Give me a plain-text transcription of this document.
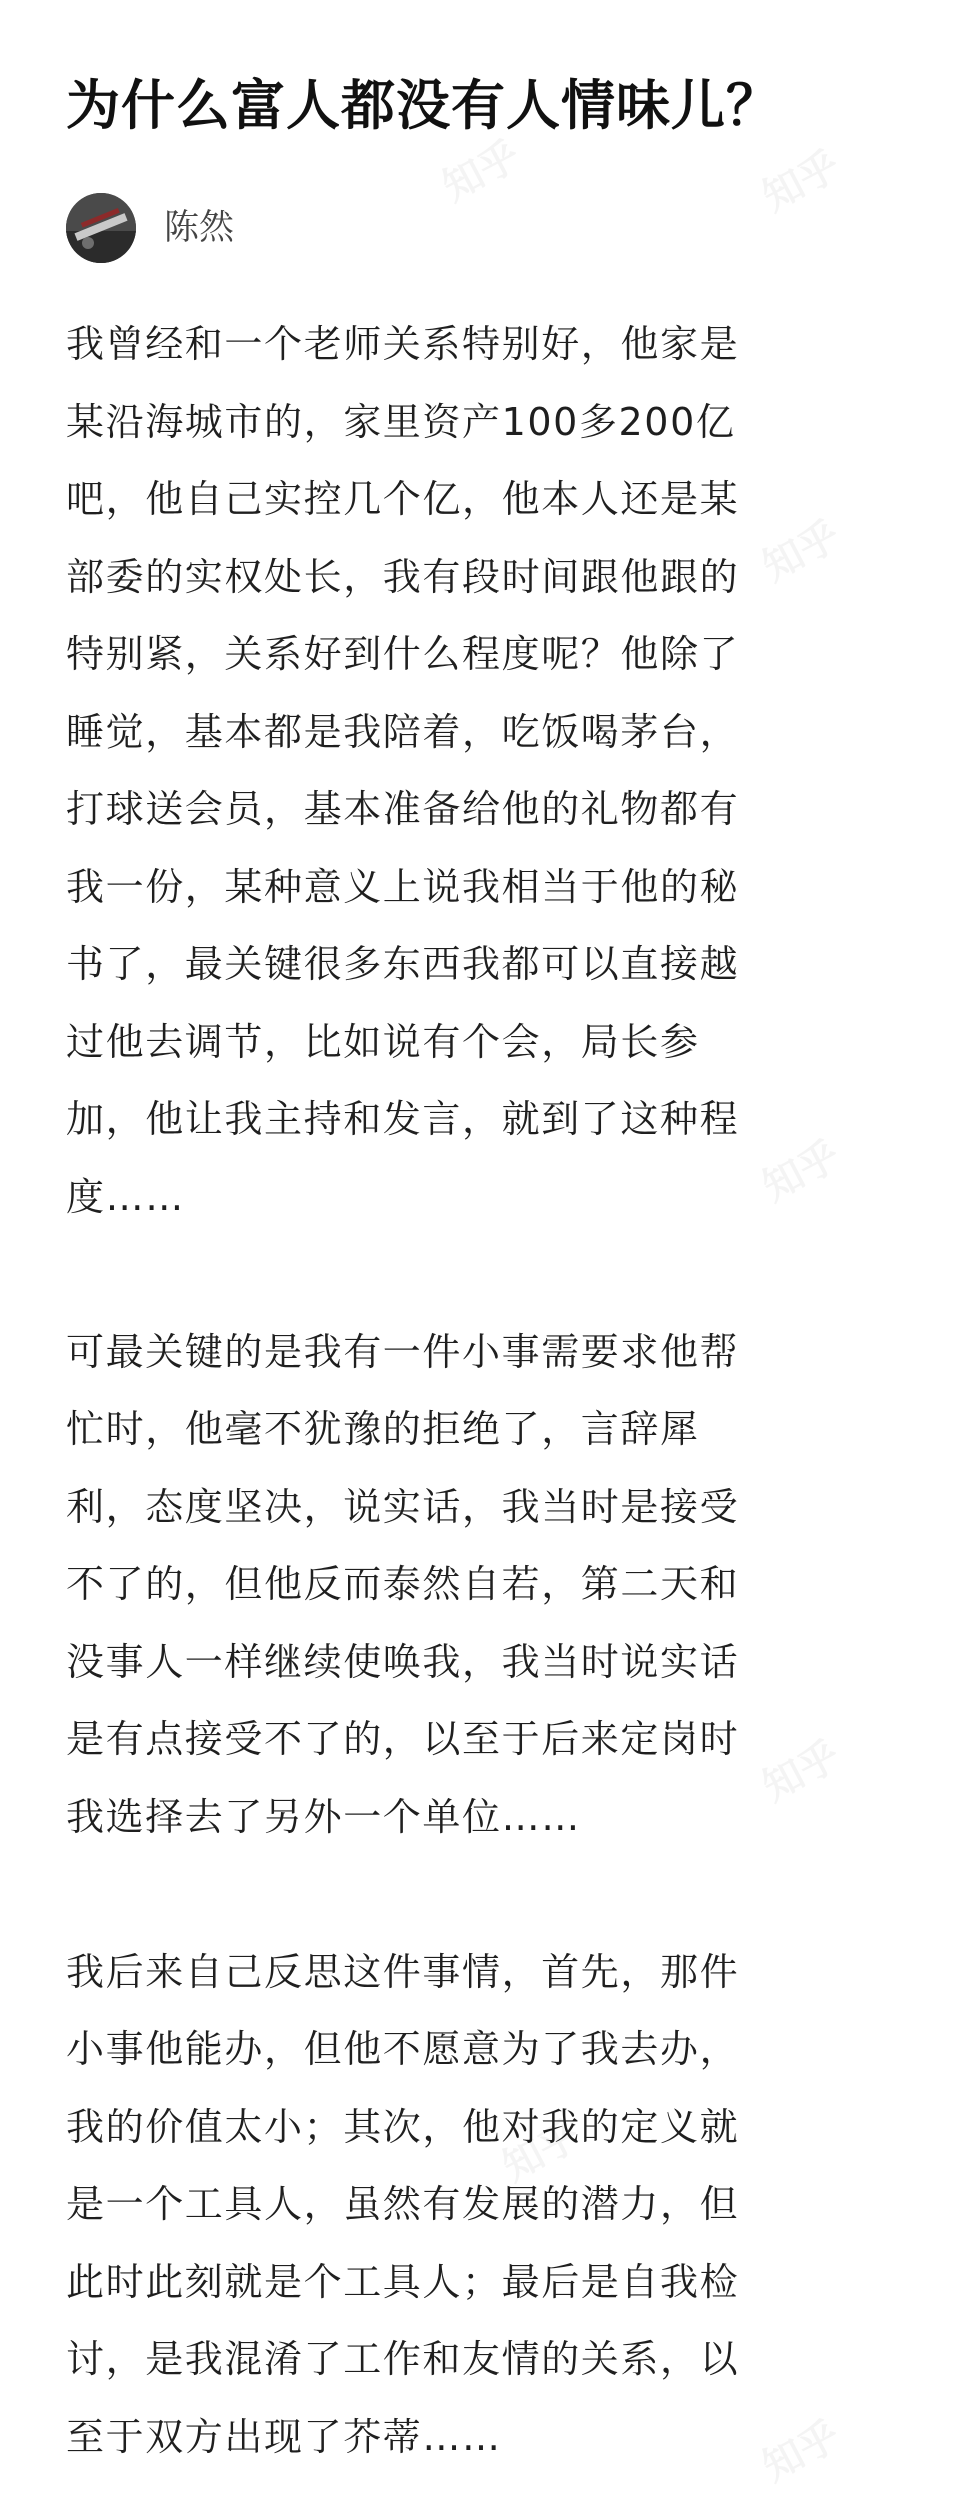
为什么富人都没有人情味儿？
陈然

我曾经和一个老师关系特别好，他家是
某沿海城市的，家里资产100多200亿
吧，他自己实控几个亿，他本人还是某
部委的实权处长，我有段时间跟他跟的
特别紧，关系好到什么程度呢？他除了
睡觉，基本都是我陪着，吃饭喝茅台，
打球送会员，基本准备给他的礼物都有
我一份，某种意义上说我相当于他的秘
书了，最关键很多东西我都可以直接越
过他去调节，比如说有个会，局长参
加，他让我主持和发言，就到了这种程
度……

可最关键的是我有一件小事需要求他帮
忙时，他毫不犹豫的拒绝了，言辞犀
利，态度坚决，说实话，我当时是接受
不了的，但他反而泰然自若，第二天和
没事人一样继续使唤我，我当时说实话
是有点接受不了的，以至于后来定岗时
我选择去了另外一个单位……

我后来自己反思这件事情，首先，那件
小事他能办，但他不愿意为了我去办，
我的价值太小；其次，他对我的定义就
是一个工具人，虽然有发展的潜力，但
此时此刻就是个工具人；最后是自我检
讨，是我混淆了工作和友情的关系，以
至于双方出现了芥蒂……
